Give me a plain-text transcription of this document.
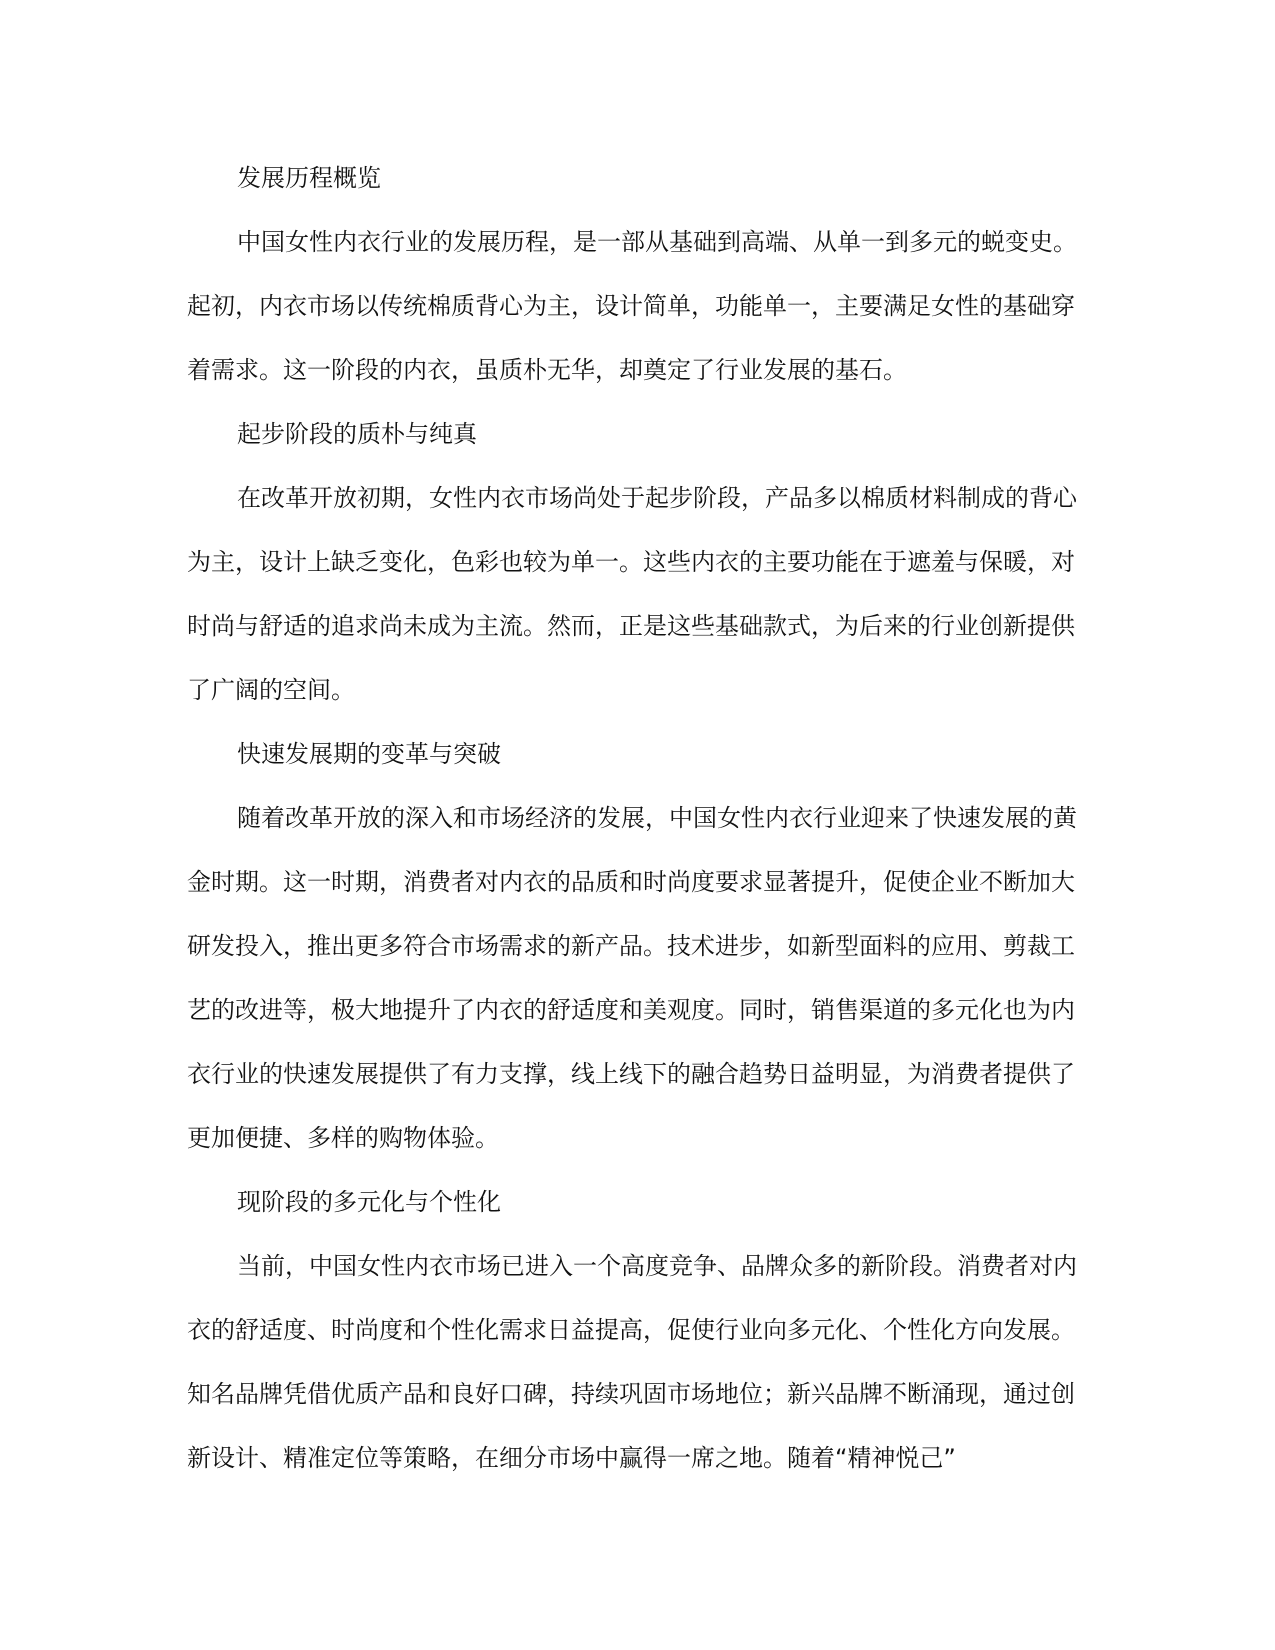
发展历程概览

中国女性内衣行业的发展历程，是一部从基础到高端、从单一到多元的蜕变史。起初，内衣市场以传统棉质背心为主，设计简单，功能单一，主要满足女性的基础穿着需求。这一阶段的内衣，虽质朴无华，却奠定了行业发展的基石。

起步阶段的质朴与纯真

在改革开放初期，女性内衣市场尚处于起步阶段，产品多以棉质材料制成的背心为主，设计上缺乏变化，色彩也较为单一。这些内衣的主要功能在于遮羞与保暖，对时尚与舒适的追求尚未成为主流。然而，正是这些基础款式，为后来的行业创新提供了广阔的空间。

快速发展期的变革与突破

随着改革开放的深入和市场经济的发展，中国女性内衣行业迎来了快速发展的黄金时期。这一时期，消费者对内衣的品质和时尚度要求显著提升，促使企业不断加大研发投入，推出更多符合市场需求的新产品。技术进步，如新型面料的应用、剪裁工艺的改进等，极大地提升了内衣的舒适度和美观度。同时，销售渠道的多元化也为内衣行业的快速发展提供了有力支撑，线上线下的融合趋势日益明显，为消费者提供了更加便捷、多样的购物体验。

现阶段的多元化与个性化

当前，中国女性内衣市场已进入一个高度竞争、品牌众多的新阶段。消费者对内衣的舒适度、时尚度和个性化需求日益提高，促使行业向多元化、个性化方向发展。知名品牌凭借优质产品和良好口碑，持续巩固市场地位；新兴品牌不断涌现，通过创新设计、精准定位等策略，在细分市场中赢得一席之地。随着“精神悦己”
